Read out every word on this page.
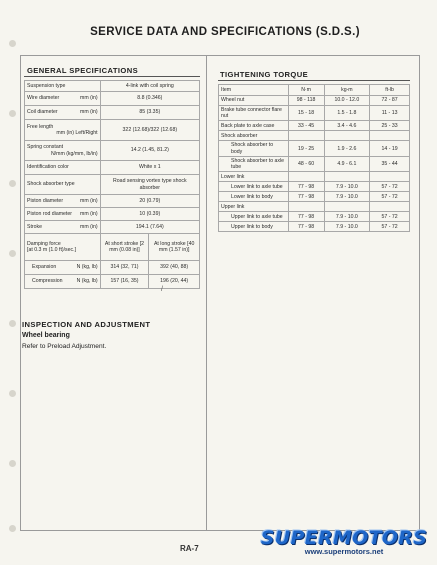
SERVICE DATA AND SPECIFICATIONS (S.D.S.)
GENERAL SPECIFICATIONS
Suspension type	4-link with coil spring	
Wire diameter mm (in)	8.8 (0.346)	
Coil diameter mm (in)	85 (3.35)	

Free length
mm (in) Left/Right	322 (12.68)/322 (12.68)	

Spring constant
N/mm (kg/mm, lb/in)	14.2 (1.45, 81.2)	
Identification color	White x 1	
Shock absorber type	Road sensing vortex type shock absorber	
Piston diameter mm (in)	20 (0.79)	
Piston rod diameter mm (in)	10 (0.39)	
Stroke mm (in)	194.1 (7.64)	

Damping force
[at 0.3 m (1.0 ft)/sec.]	At short stroke [2 mm (0.08 in)]	At long stroke [40 mm (1.57 in)]
Expansion N (kg, lb)	314 (32, 71)	392 (40, 88)
Compression N (kg, lb)	157 (16, 35)	196 (20, 44)
/
TIGHTENING TORQUE
Item	N·m	kg-m	ft-lb
Wheel nut	98 - 118	10.0 - 12.0	72 - 87
Brake tube connector flare nut	15 - 18	1.5 - 1.8	11 - 13
Back plate to axle case	33 - 45	3.4 - 4.6	25 - 33
Shock absorber			
Shock absorber to body	19 - 25	1.9 - 2.6	14 - 19
Shock absorber to axle tube	48 - 60	4.9 - 6.1	35 - 44
Lower link			
Lower link to axle tube	77 - 98	7.9 - 10.0	57 - 72
Lower link to body	77 - 98	7.9 - 10.0	57 - 72
Upper link			
Upper link to axle tube	77 - 98	7.9 - 10.0	57 - 72
Upper link to body	77 - 98	7.9 - 10.0	57 - 72
INSPECTION AND ADJUSTMENT
Wheel bearing
Refer to Preload Adjustment.
RA-7	SUPERMOTORS
www.supermotors.net
